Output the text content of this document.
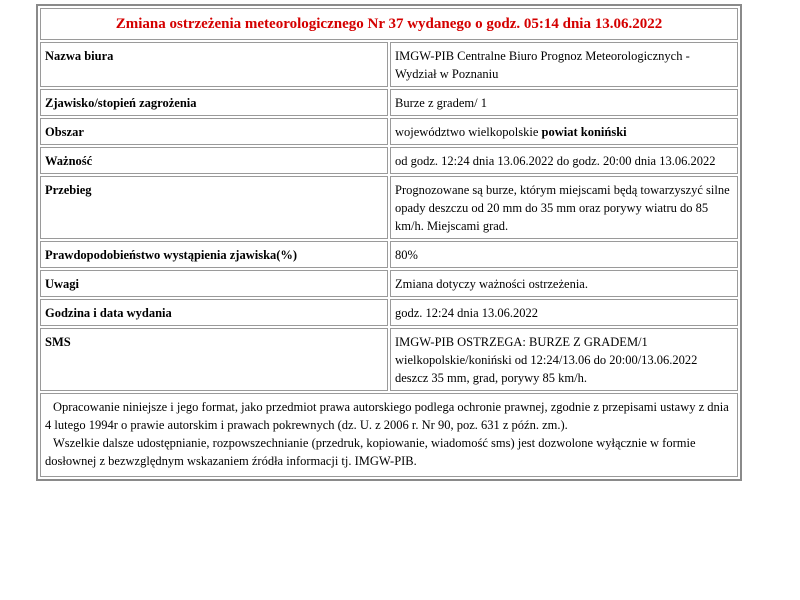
Zmiana ostrzeżenia meteorologicznego Nr 37 wydanego o godz. 05:14 dnia 13.06.2022	
Nazwa biura	IMGW-PIB Centralne Biuro Prognoz Meteorologicznych - Wydział w Poznaniu
Zjawisko/stopień zagrożenia	Burze z gradem/ 1
Obszar	województwo wielkopolskie powiat koniński
Ważność	od godz. 12:24 dnia 13.06.2022 do godz. 20:00 dnia 13.06.2022
Przebieg	Prognozowane są burze, którym miejscami będą towarzyszyć silne opady deszczu od 20 mm do 35 mm oraz porywy wiatru do 85 km/h. Miejscami grad.
Prawdopodobieństwo wystąpienia zjawiska(%)	80%
Uwagi	Zmiana dotyczy ważności ostrzeżenia.
Godzina i data wydania	godz. 12:24 dnia 13.06.2022
SMS	IMGW-PIB OSTRZEGA: BURZE Z GRADEM/1 wielkopolskie/koniński od 12:24/13.06 do 20:00/13.06.2022 deszcz 35 mm, grad, porywy 85 km/h.

Opracowanie niniejsze i jego format, jako przedmiot prawa autorskiego podlega ochronie prawnej, zgodnie z przepisami ustawy z dnia 4 lutego 1994r o prawie autorskim i prawach pokrewnych (dz. U. z 2006 r. Nr 90, poz. 631 z późn. zm.).

Wszelkie dalsze udostępnianie, rozpowszechnianie (przedruk, kopiowanie, wiadomość sms) jest dozwolone wyłącznie w formie dosłownej z bezwzględnym wskazaniem źródła informacji tj. IMGW-PIB.	
